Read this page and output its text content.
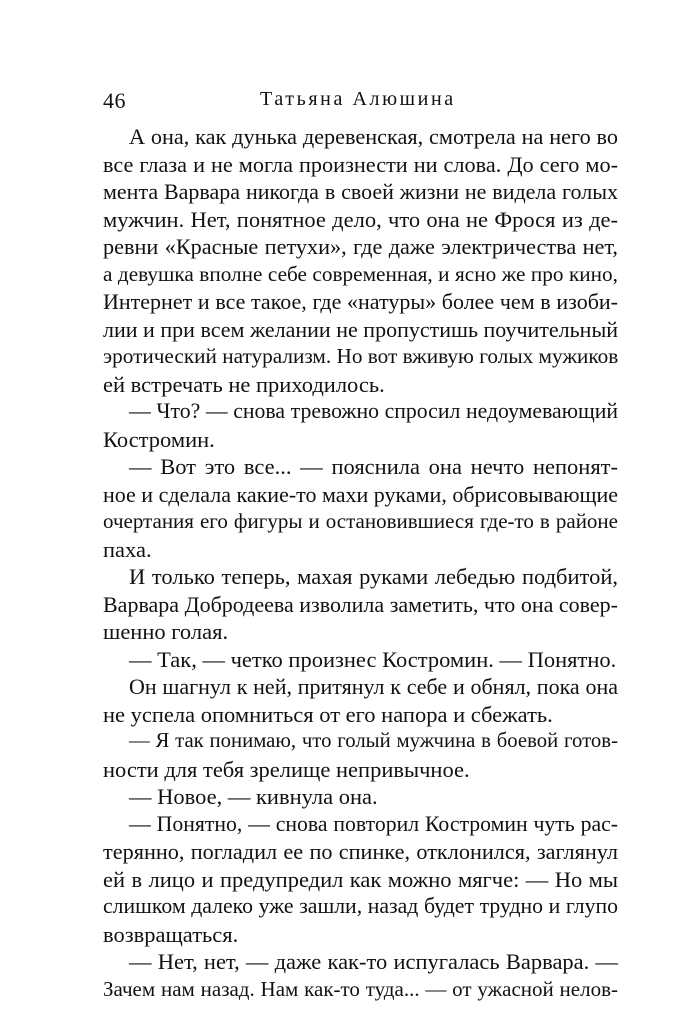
46	Татьяна Алюшина
А она, как дунька деревенская, смотрела на него во
все глаза и не могла произнести ни слова. До сего мо-
мента Варвара никогда в своей жизни не видела голых
мужчин. Нет, понятное дело, что она не Фрося из де-
ревни «Красные петухи», где даже электричества нет,
а девушка вполне себе современная, и ясно же про кино,
Интернет и все такое, где «натуры» более чем в изоби-
лии и при всем желании не пропустишь поучительный
эротический натурализм. Но вот вживую голых мужиков
ей встречать не приходилось.
— Что? — снова тревожно спросил недоумевающий
Костромин.
— Вот это все... — пояснила она нечто непонят-
ное и сделала какие-то махи руками, обрисовывающие
очертания его фигуры и остановившиеся где-то в районе
паха.
И только теперь, махая руками лебедью подбитой,
Варвара Добродеева изволила заметить, что она совер-
шенно голая.
— Так, — четко произнес Костромин. — Понятно.
Он шагнул к ней, притянул к себе и обнял, пока она
не успела опомниться от его напора и сбежать.
— Я так понимаю, что голый мужчина в боевой готов-
ности для тебя зрелище непривычное.
— Новое, — кивнула она.
— Понятно, — снова повторил Костромин чуть рас-
терянно, погладил ее по спинке, отклонился, заглянул
ей в лицо и предупредил как можно мягче: — Но мы
слишком далеко уже зашли, назад будет трудно и глупо
возвращаться.
— Нет, нет, — даже как-то испугалась Варвара. —
Зачем нам назад. Нам как-то туда... — от ужасной нелов-
